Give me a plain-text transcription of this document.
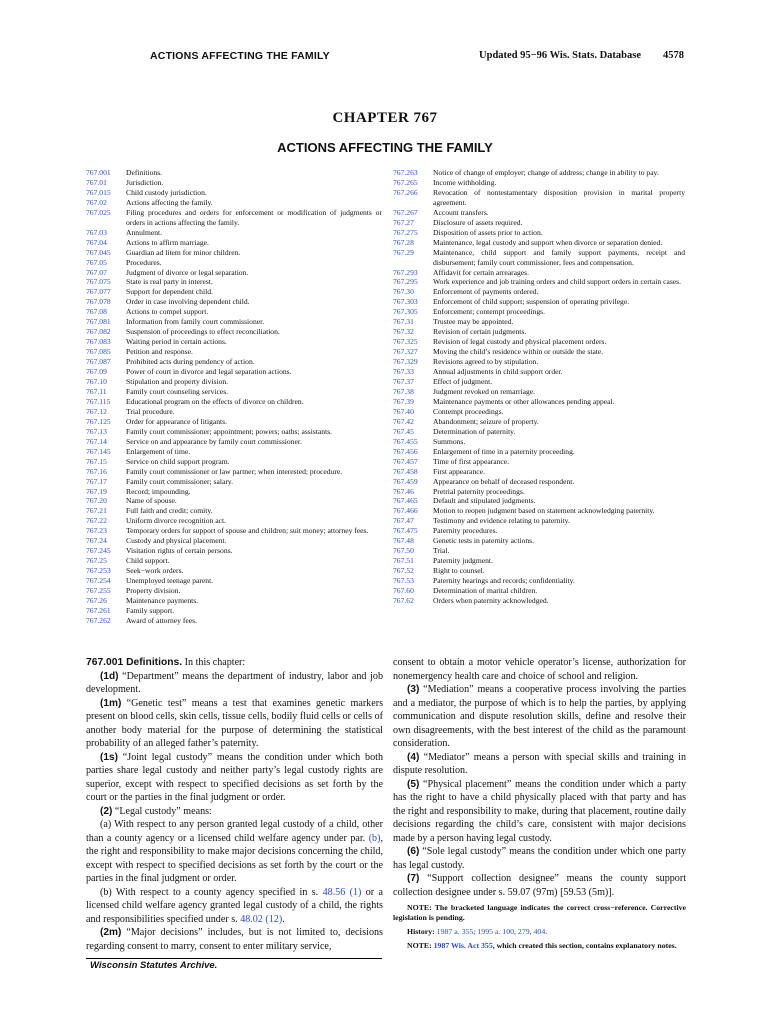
ACTIONS AFFECTING THE FAMILY	Updated 95−96 Wis. Stats. Database 4578
CHAPTER 767
ACTIONS AFFECTING THE FAMILY
767.001	Definitions.
767.01	Jurisdiction.
767.015	Child custody jurisdiction.
767.02	Actions affecting the family.
767.025	Filing procedures and orders for enforcement or modification of judgments or orders in actions affecting the family.
767.03	Annulment.
767.04	Actions to affirm marriage.
767.045	Guardian ad litem for minor children.
767.05	Procedures.
767.07	Judgment of divorce or legal separation.
767.075	State is real party in interest.
767.077	Support for dependent child.
767.078	Order in case involving dependent child.
767.08	Actions to compel support.
767.081	Information from family court commissioner.
767.082	Suspension of proceedings to effect reconciliation.
767.083	Waiting period in certain actions.
767.085	Petition and response.
767.087	Prohibited acts during pendency of action.
767.09	Power of court in divorce and legal separation actions.
767.10	Stipulation and property division.
767.11	Family court counseling services.
767.115	Educational program on the effects of divorce on children.
767.12	Trial procedure.
767.125	Order for appearance of litigants.
767.13	Family court commissioner; appointment; powers; oaths; assistants.
767.14	Service on and appearance by family court commissioner.
767.145	Enlargement of time.
767.15	Service on child support program.
767.16	Family court commissioner or law partner; when interested; procedure.
767.17	Family court commissioner; salary.
767.19	Record; impounding.
767.20	Name of spouse.
767.21	Full faith and credit; comity.
767.22	Uniform divorce recognition act.
767.23	Temporary orders for support of spouse and children; suit money; attorney fees.
767.24	Custody and physical placement.
767.245	Visitation rights of certain persons.
767.25	Child support.
767.253	Seek−work orders.
767.254	Unemployed teenage parent.
767.255	Property division.
767.26	Maintenance payments.
767.261	Family support.
767.262	Award of attorney fees.
767.263	Notice of change of employer; change of address; change in ability to pay.
767.265	Income withholding.
767.266	Revocation of nontestamentary disposition provision in marital property agreement.
767.267	Account transfers.
767.27	Disclosure of assets required.
767.275	Disposition of assets prior to action.
767.28	Maintenance, legal custody and support when divorce or separation denied.
767.29	Maintenance, child support and family support payments, receipt and disbursement; family court commissioner, fees and compensation.
767.293	Affidavit for certain arrearages.
767.295	Work experience and job training orders and child support orders in certain cases.
767.30	Enforcement of payments ordered.
767.303	Enforcement of child support; suspension of operating privilege.
767.305	Enforcement; contempt proceedings.
767.31	Trustee may be appointed.
767.32	Revision of certain judgments.
767.325	Revision of legal custody and physical placement orders.
767.327	Moving the child’s residence within or outside the state.
767.329	Revisions agreed to by stipulation.
767.33	Annual adjustments in child support order.
767.37	Effect of judgment.
767.38	Judgment revoked on remarriage.
767.39	Maintenance payments or other allowances pending appeal.
767.40	Contempt proceedings.
767.42	Abandonment; seizure of property.
767.45	Determination of paternity.
767.455	Summons.
767.456	Enlargement of time in a paternity proceeding.
767.457	Time of first appearance.
767.458	First appearance.
767.459	Appearance on behalf of deceased respondent.
767.46	Pretrial paternity proceedings.
767.465	Default and stipulated judgments.
767.466	Motion to reopen judgment based on statement acknowledging paternity.
767.47	Testimony and evidence relating to paternity.
767.475	Paternity procedures.
767.48	Genetic tests in paternity actions.
767.50	Trial.
767.51	Paternity judgment.
767.52	Right to counsel.
767.53	Paternity hearings and records; confidentiality.
767.60	Determination of marital children.
767.62	Orders when paternity acknowledged.

767.001 Definitions. In this chapter:

(1d) “Department” means the department of industry, labor and job development.

(1m) “Genetic test” means a test that examines genetic markers present on blood cells, skin cells, tissue cells, bodily fluid cells or cells of another body material for the purpose of determining the statistical probability of an alleged father’s paternity.

(1s) “Joint legal custody” means the condition under which both parties share legal custody and neither party’s legal custody rights are superior, except with respect to specified decisions as set forth by the court or the parties in the final judgment or order.

(2) “Legal custody” means:

(a) With respect to any person granted legal custody of a child, other than a county agency or a licensed child welfare agency under par. (b), the right and responsibility to make major decisions concerning the child, except with respect to specified decisions as set forth by the court or the parties in the final judgment or order.

(b) With respect to a county agency specified in s. 48.56 (1) or a licensed child welfare agency granted legal custody of a child, the rights and responsibilities specified under s. 48.02 (12).

(2m) “Major decisions” includes, but is not limited to, decisions regarding consent to marry, consent to enter military service,

consent to obtain a motor vehicle operator’s license, authorization for nonemergency health care and choice of school and religion.

(3) “Mediation” means a cooperative process involving the parties and a mediator, the purpose of which is to help the parties, by applying communication and dispute resolution skills, define and resolve their own disagreements, with the best interest of the child as the paramount consideration.

(4) “Mediator” means a person with special skills and training in dispute resolution.

(5) “Physical placement” means the condition under which a party has the right to have a child physically placed with that party and has the right and responsibility to make, during that placement, routine daily decisions regarding the child’s care, consistent with major decisions made by a person having legal custody.

(6) “Sole legal custody” means the condition under which one party has legal custody.

(7) “Support collection designee” means the county support collection designee under s. 59.07 (97m) [59.53 (5m)].

NOTE: The bracketed language indicates the correct cross−reference. Corrective legislation is pending.

History: 1987 a. 355; 1995 a. 100, 279, 404.

NOTE: 1987 Wis. Act 355, which created this section, contains explanatory notes.

Wisconsin Statutes Archive.
